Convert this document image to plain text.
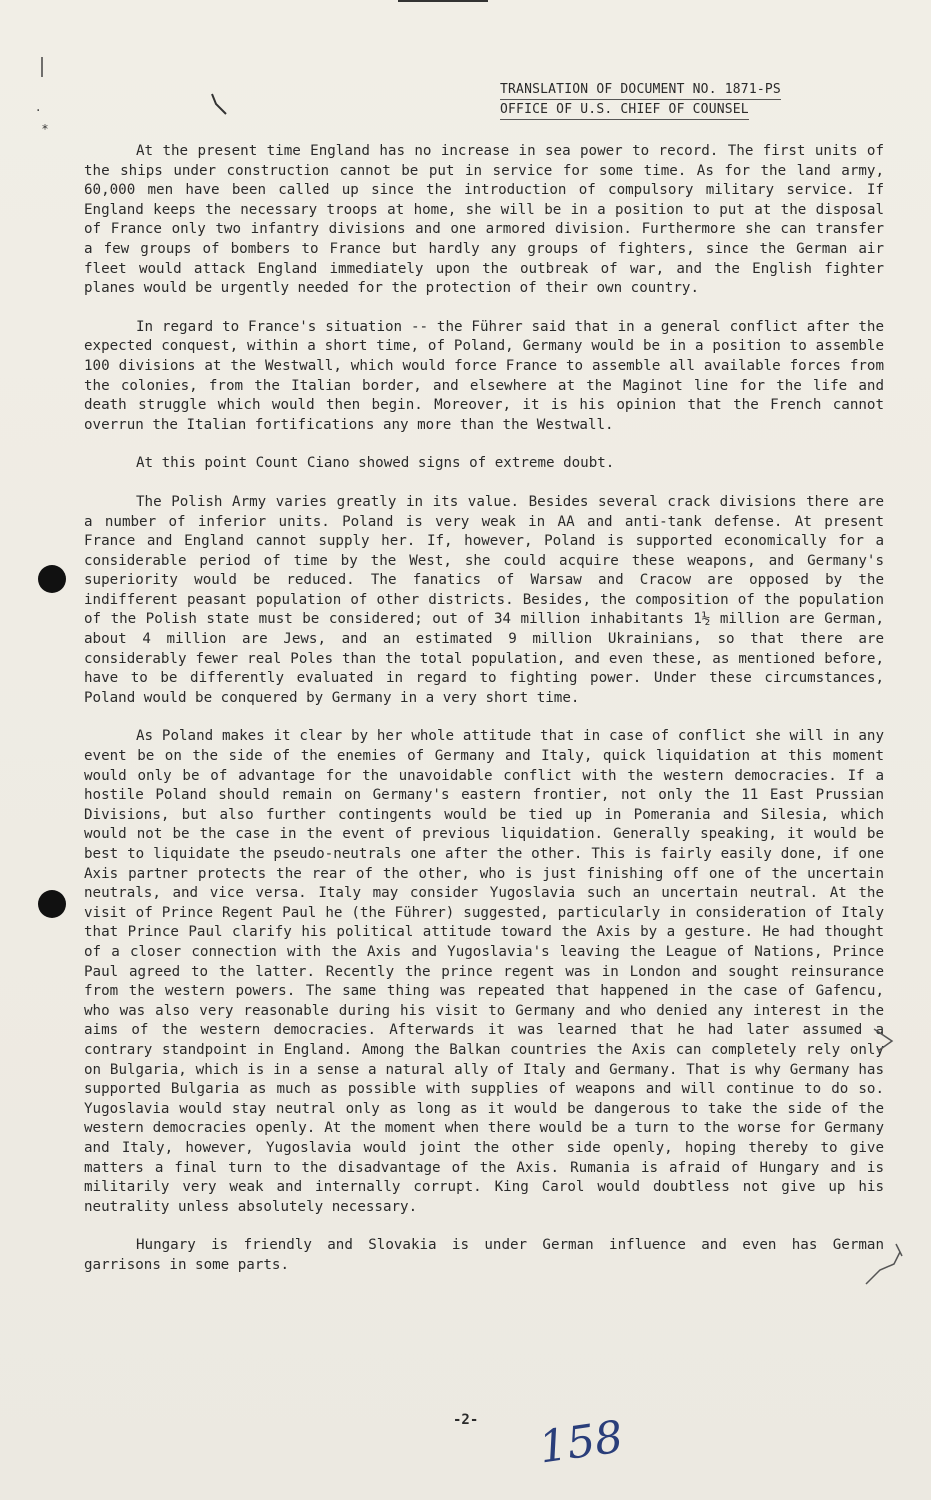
·
*
TRANSLATION OF DOCUMENT NO. 1871-PS
OFFICE OF U.S. CHIEF OF COUNSEL

At the present time England has no increase in sea power to record. The first units of the ships under construction cannot be put in service for some time. As for the land army, 60,000 men have been called up since the introduction of compulsory military service. If England keeps the necessary troops at home, she will be in a position to put at the disposal of France only two infantry divisions and one armored division. Furthermore she can transfer a few groups of bombers to France but hardly any groups of fighters, since the German air fleet would attack England immediately upon the outbreak of war, and the English fighter planes would be urgently needed for the protection of their own country.

In regard to France's situation -- the Führer said that in a general conflict after the expected conquest, within a short time, of Poland, Germany would be in a position to assemble 100 divisions at the Westwall, which would force France to assemble all available forces from the colonies, from the Italian border, and elsewhere at the Maginot line for the life and death struggle which would then begin. Moreover, it is his opinion that the French cannot overrun the Italian fortifications any more than the Westwall.

At this point Count Ciano showed signs of extreme doubt.

The Polish Army varies greatly in its value. Besides several crack divisions there are a number of inferior units. Poland is very weak in AA and anti-tank defense. At present France and England cannot supply her. If, however, Poland is supported economically for a considerable period of time by the West, she could acquire these weapons, and Germany's superiority would be reduced. The fanatics of Warsaw and Cracow are opposed by the indifferent peasant population of other districts. Besides, the composition of the population of the Polish state must be considered; out of 34 million inhabitants 1½ million are German, about 4 million are Jews, and an estimated 9 million Ukrainians, so that there are considerably fewer real Poles than the total population, and even these, as mentioned before, have to be differently evaluated in regard to fighting power. Under these circumstances, Poland would be conquered by Germany in a very short time.

As Poland makes it clear by her whole attitude that in case of conflict she will in any event be on the side of the enemies of Germany and Italy, quick liquidation at this moment would only be of advantage for the unavoidable conflict with the western democracies. If a hostile Poland should remain on Germany's eastern frontier, not only the 11 East Prussian Divisions, but also further contingents would be tied up in Pomerania and Silesia, which would not be the case in the event of previous liquidation. Generally speaking, it would be best to liquidate the pseudo-neutrals one after the other. This is fairly easily done, if one Axis partner protects the rear of the other, who is just finishing off one of the uncertain neutrals, and vice versa. Italy may consider Yugoslavia such an uncertain neutral. At the visit of Prince Regent Paul he (the Führer) suggested, particularly in consideration of Italy that Prince Paul clarify his political attitude toward the Axis by a gesture. He had thought of a closer connection with the Axis and Yugoslavia's leaving the League of Nations, Prince Paul agreed to the latter. Recently the prince regent was in London and sought reinsurance from the western powers. The same thing was repeated that happened in the case of Gafencu, who was also very reasonable during his visit to Germany and who denied any interest in the aims of the western democracies. Afterwards it was learned that he had later assumed a contrary standpoint in England. Among the Balkan countries the Axis can completely rely only on Bulgaria, which is in a sense a natural ally of Italy and Germany. That is why Germany has supported Bulgaria as much as possible with supplies of weapons and will continue to do so. Yugoslavia would stay neutral only as long as it would be dangerous to take the side of the western democracies openly. At the moment when there would be a turn to the worse for Germany and Italy, however, Yugoslavia would joint the other side openly, hoping thereby to give matters a final turn to the disadvantage of the Axis. Rumania is afraid of Hungary and is militarily very weak and internally corrupt. King Carol would doubtless not give up his neutrality unless absolutely necessary.

Hungary is friendly and Slovakia is under German influence and even has German garrisons in some parts.

-2- 158
